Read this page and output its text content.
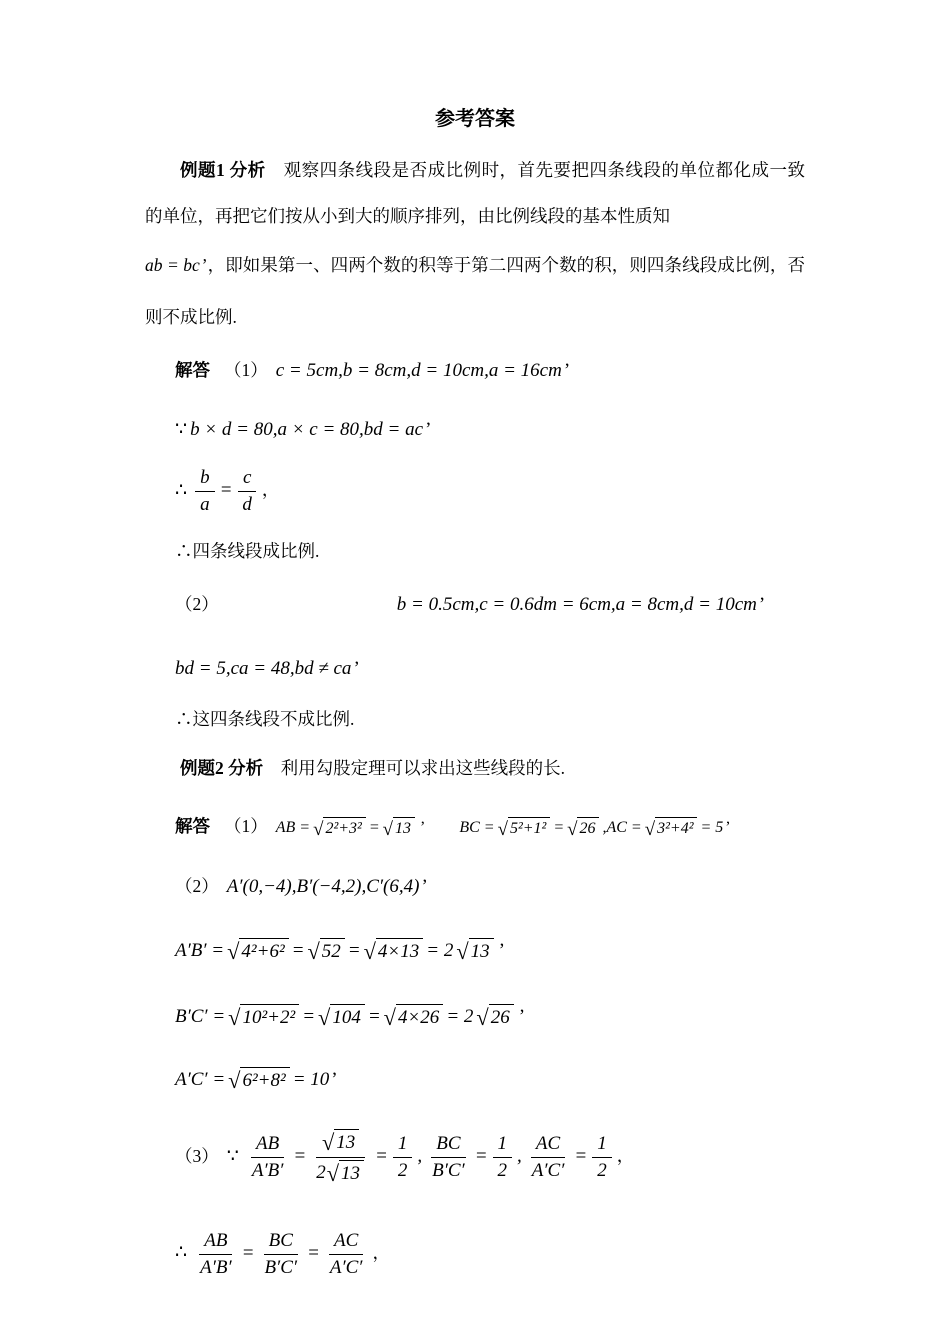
参考答案

例题1 分析　观察四条线段是否成比例时，首先要把四条线段的单位都化成一致的单位，再把它们按从小到大的顺序排列，由比例线段的基本性质知

ab = bc ’，即如果第一、四两个数的积等于第二四两个数的积，则四条线段成比例，否则不成比例.

解答 （1） c = 5cm,b = 8cm,d = 10cm,a = 16cm ’
∵ b × d = 80,a × c = 80,bd = ac ’
∴ $\frac{b}{a} = \frac{c}{d}$ ，
∴四条线段成比例.
（2）	b = 0.5cm,c = 0.6dm = 6cm,a = 8cm,d = 10cm ’
bd = 5,ca = 48,bd ≠ ca ’
∴这四条线段不成比例.

例题2 分析　利用勾股定理可以求出这些线段的长.

解答 （1） AB = √ 2²+3² = √ 13 ’ BC = √ 5²+1² = √ 26 ,AC = √ 3²+4² = 5 ’
（2） A′(0,−4),B′(−4,2),C′(6,4) ’
A′B′ = √ 4²+6² = √ 52 = √ 4×13 = 2 √ 13 ’
B′C′ = √ 10²+2² = √ 104 = √ 4×26 = 2 √ 26 ’
A′C′ = √ 6²+8² = 10 ’
（3） ∵ $\frac{AB}{A'B'} = \frac{√ 13}{2 √ 13} = \frac{1}{2}$ , $\frac{BC}{B'C'} = \frac{1}{2}$ , $\frac{AC}{A'C'} = \frac{1}{2}$ ，
∴ $\frac{AB}{A'B'} = \frac{BC}{B'C'} = \frac{AC}{A'C'}$ ，
